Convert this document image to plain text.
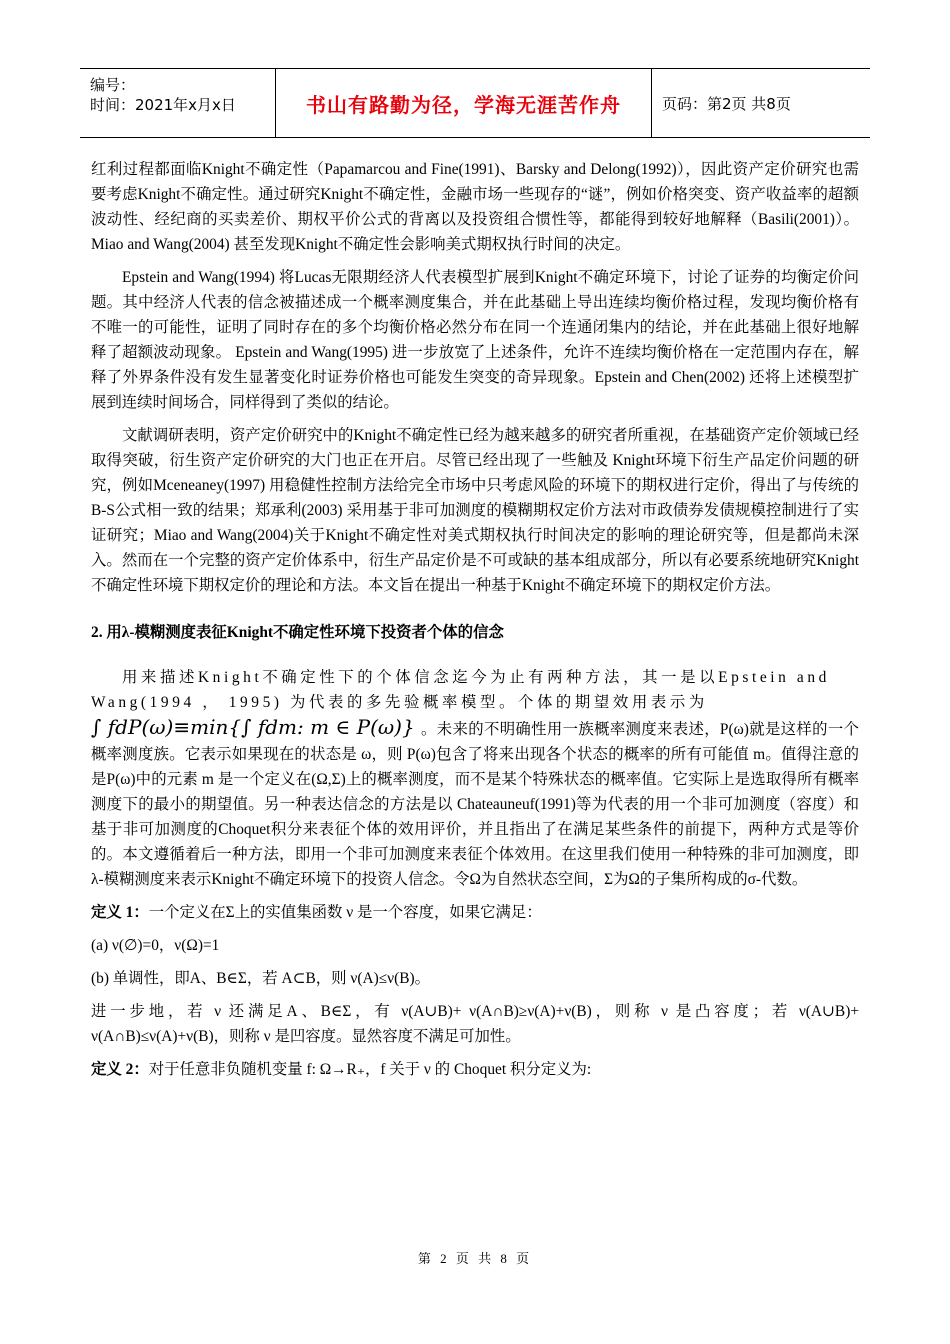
编号：
时间：2021年x月x日	书山有路勤为径，学海无涯苦作舟	页码：第2页 共8页

红利过程都面临Knight不确定性（Papamarcou and Fine(1991)、Barsky and Delong(1992)），因此资产定价研究也需要考虑Knight不确定性。通过研究Knight不确定性，金融市场一些现存的“谜”，例如价格突变、资产收益率的超额波动性、经纪商的买卖差价、期权平价公式的背离以及投资组合惯性等，都能得到较好地解释（Basili(2001)）。Miao and Wang(2004) 甚至发现Knight不确定性会影响美式期权执行时间的决定。

Epstein and Wang(1994) 将Lucas无限期经济人代表模型扩展到Knight不确定环境下，讨论了证券的均衡定价问题。其中经济人代表的信念被描述成一个概率测度集合，并在此基础上导出连续均衡价格过程，发现均衡价格有不唯一的可能性，证明了同时存在的多个均衡价格必然分布在同一个连通闭集内的结论，并在此基础上很好地解释了超额波动现象。 Epstein and Wang(1995) 进一步放宽了上述条件，允许不连续均衡价格在一定范围内存在，解释了外界条件没有发生显著变化时证券价格也可能发生突变的奇异现象。Epstein and Chen(2002) 还将上述模型扩展到连续时间场合，同样得到了类似的结论。

文献调研表明，资产定价研究中的Knight不确定性已经为越来越多的研究者所重视，在基础资产定价领域已经取得突破，衍生资产定价研究的大门也正在开启。尽管已经出现了一些触及 Knight环境下衍生产品定价问题的研究，例如Mceneaney(1997) 用稳健性控制方法给完全市场中只考虑风险的环境下的期权进行定价，得出了与传统的B-S公式相一致的结果；郑承利(2003) 采用基于非可加测度的模糊期权定价方法对市政债券发债规模控制进行了实证研究；Miao and Wang(2004)关于Knight不确定性对美式期权执行时间决定的影响的理论研究等，但是都尚未深入。然而在一个完整的资产定价体系中，衍生产品定价是不可或缺的基本组成部分，所以有必要系统地研究Knight不确定性环境下期权定价的理论和方法。本文旨在提出一种基于Knight不确定环境下的期权定价方法。

2. 用λ-模糊测度表征Knight不确定性环境下投资者个体的信念

用来描述Knight不确定性下的个体信念迄今为止有两种方法，其一是以Epstein and

Wang(1994 ， 1995) 为代表的多先验概率模型。个体的期望效用表示为

∫ fdP(ω)≡min{∫ fdm: m ∈ P(ω)} 。未来的不明确性用一族概率测度来表述，P(ω)就是这样的一个概率测度族。它表示如果现在的状态是 ω，则 P(ω)包含了将来出现各个状态的概率的所有可能值 m。值得注意的是P(ω)中的元素 m 是一个定义在(Ω,Σ)上的概率测度，而不是某个特殊状态的概率值。它实际上是选取得所有概率测度下的最小的期望值。另一种表达信念的方法是以 Chateauneuf(1991)等为代表的用一个非可加测度（容度）和基于非可加测度的Choquet积分来表征个体的效用评价，并且指出了在满足某些条件的前提下，两种方式是等价的。本文遵循着后一种方法，即用一个非可加测度来表征个体效用。在这里我们使用一种特殊的非可加测度，即 λ-模糊测度来表示Knight不确定环境下的投资人信念。令Ω为自然状态空间，Σ为Ω的子集所构成的σ-代数。

定义 1：一个定义在Σ上的实值集函数 ν 是一个容度，如果它满足：

(a) ν(∅)=0，ν(Ω)=1

(b) 单调性，即A、B∈Σ，若 A⊂B，则 ν(A)≤ν(B)。

进一步地，若 ν 还满足A、B∈Σ，有 ν(A∪B)+ ν(A∩B)≥ν(A)+ν(B)，则称 ν 是凸容度；若 ν(A∪B)+ ν(A∩B)≤ν(A)+ν(B)，则称 ν 是凹容度。显然容度不满足可加性。

定义 2：对于任意非负随机变量 f: Ω→R₊，f 关于 ν 的 Choquet 积分定义为:

第 2 页 共 8 页
